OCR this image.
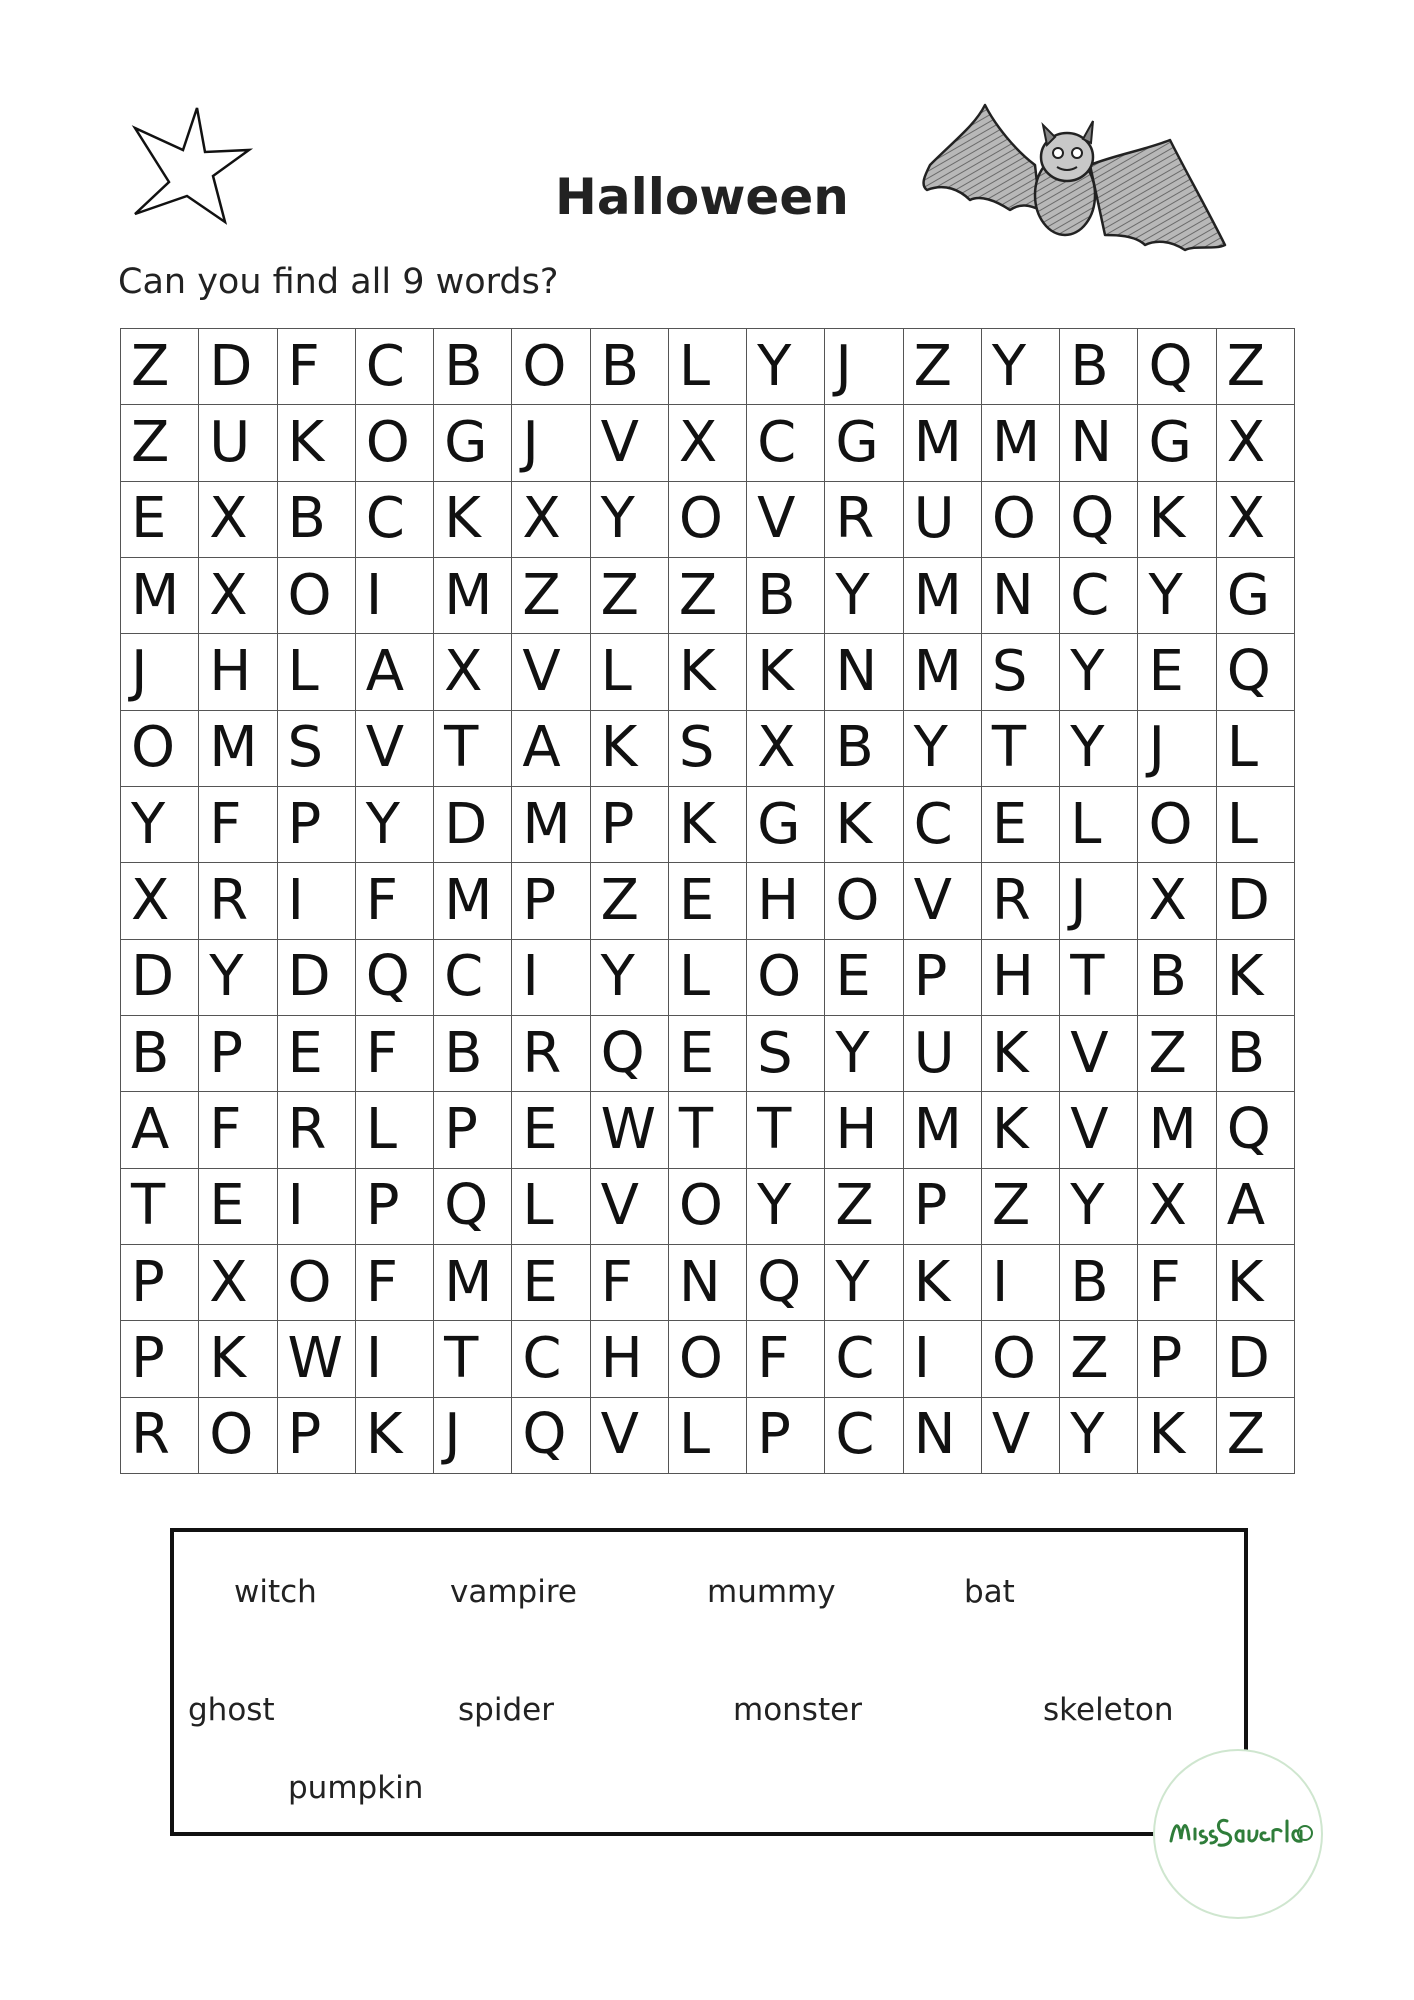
Halloween
Can you find all 9 words?
Z D F C B O B L Y J	Z Y B Q Z
Z U K O G J	V X C G M M N G X
E X B C K X Y O V R U O Q K X
M X O I	M Z Z Z B Y M N C Y G
J	H L A X V L K K N M S Y E Q
O M S V T A K S X B Y T Y J	L
Y F P Y D M P K G K C E L O L
X R I	F M P Z E H O V R J	X D
D Y D Q C I	Y L O E P H T B K
B P E F B R Q E S Y U K V Z B
A F R L P E W T T H M K V M Q
T E I	P Q L V O Y Z P Z Y X A
P X O F M E F N Q Y K I	B F K
P K W I	T C H O F C I	O Z P D
R O P K J	Q V L P C N V Y K Z
witch	vampire	mummy	bat
ghost	spider	monster	skeleton
pumpkin
